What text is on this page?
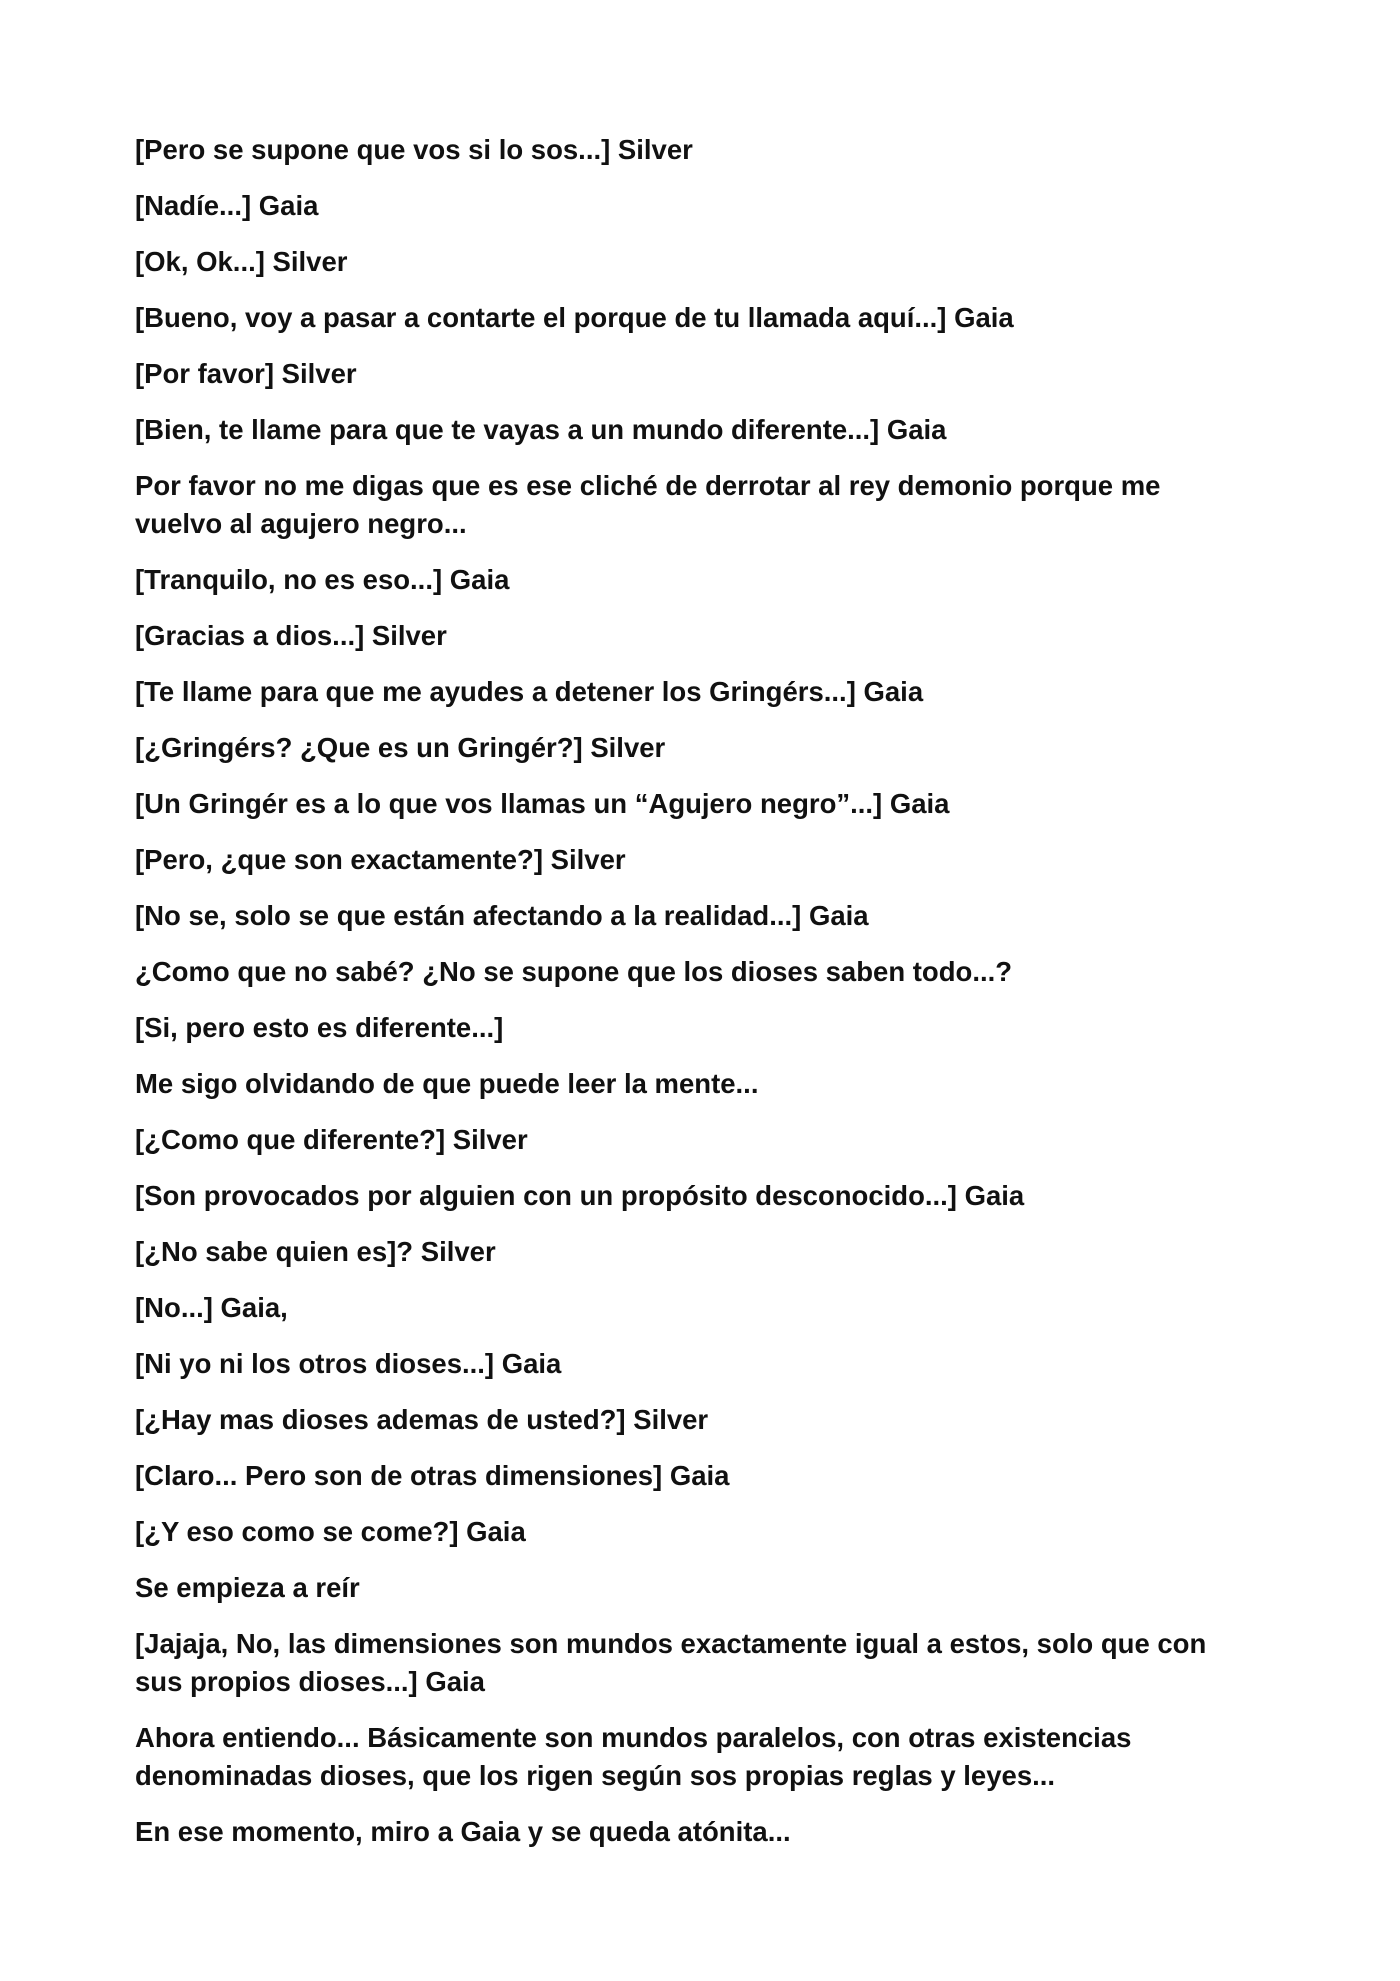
[Pero se supone que vos si lo sos...] Silver

[Nadíe...] Gaia

[Ok, Ok...] Silver

[Bueno, voy a pasar a contarte el porque de tu llamada aquí...] Gaia

[Por favor] Silver

[Bien, te llame para que te vayas a un mundo diferente...] Gaia

Por favor no me digas que es ese cliché de derrotar al rey demonio porque me vuelvo al agujero negro...

[Tranquilo, no es eso...] Gaia

[Gracias a dios...] Silver

[Te llame para que me ayudes a detener los Gringérs...] Gaia

[¿Gringérs? ¿Que es un Gringér?] Silver

[Un Gringér es a lo que vos llamas un “Agujero negro”...] Gaia

[Pero, ¿que son exactamente?] Silver

[No se, solo se que están afectando a la realidad...] Gaia

¿Como que no sabé? ¿No se supone que los dioses saben todo...?

[Si, pero esto es diferente...]

Me sigo olvidando de que puede leer la mente...

[¿Como que diferente?] Silver

[Son provocados por alguien con un propósito desconocido...] Gaia

[¿No sabe quien es]? Silver

[No...] Gaia,

[Ni yo ni los otros dioses...] Gaia

[¿Hay mas dioses ademas de usted?] Silver

[Claro... Pero son de otras dimensiones] Gaia

[¿Y eso como se come?] Gaia

Se empieza a reír

[Jajaja, No, las dimensiones son mundos exactamente igual a estos, solo que con sus propios dioses...] Gaia

Ahora entiendo... Básicamente son mundos paralelos, con otras existencias denominadas dioses, que los rigen según sos propias reglas y leyes...

En ese momento, miro a Gaia y se queda atónita...
